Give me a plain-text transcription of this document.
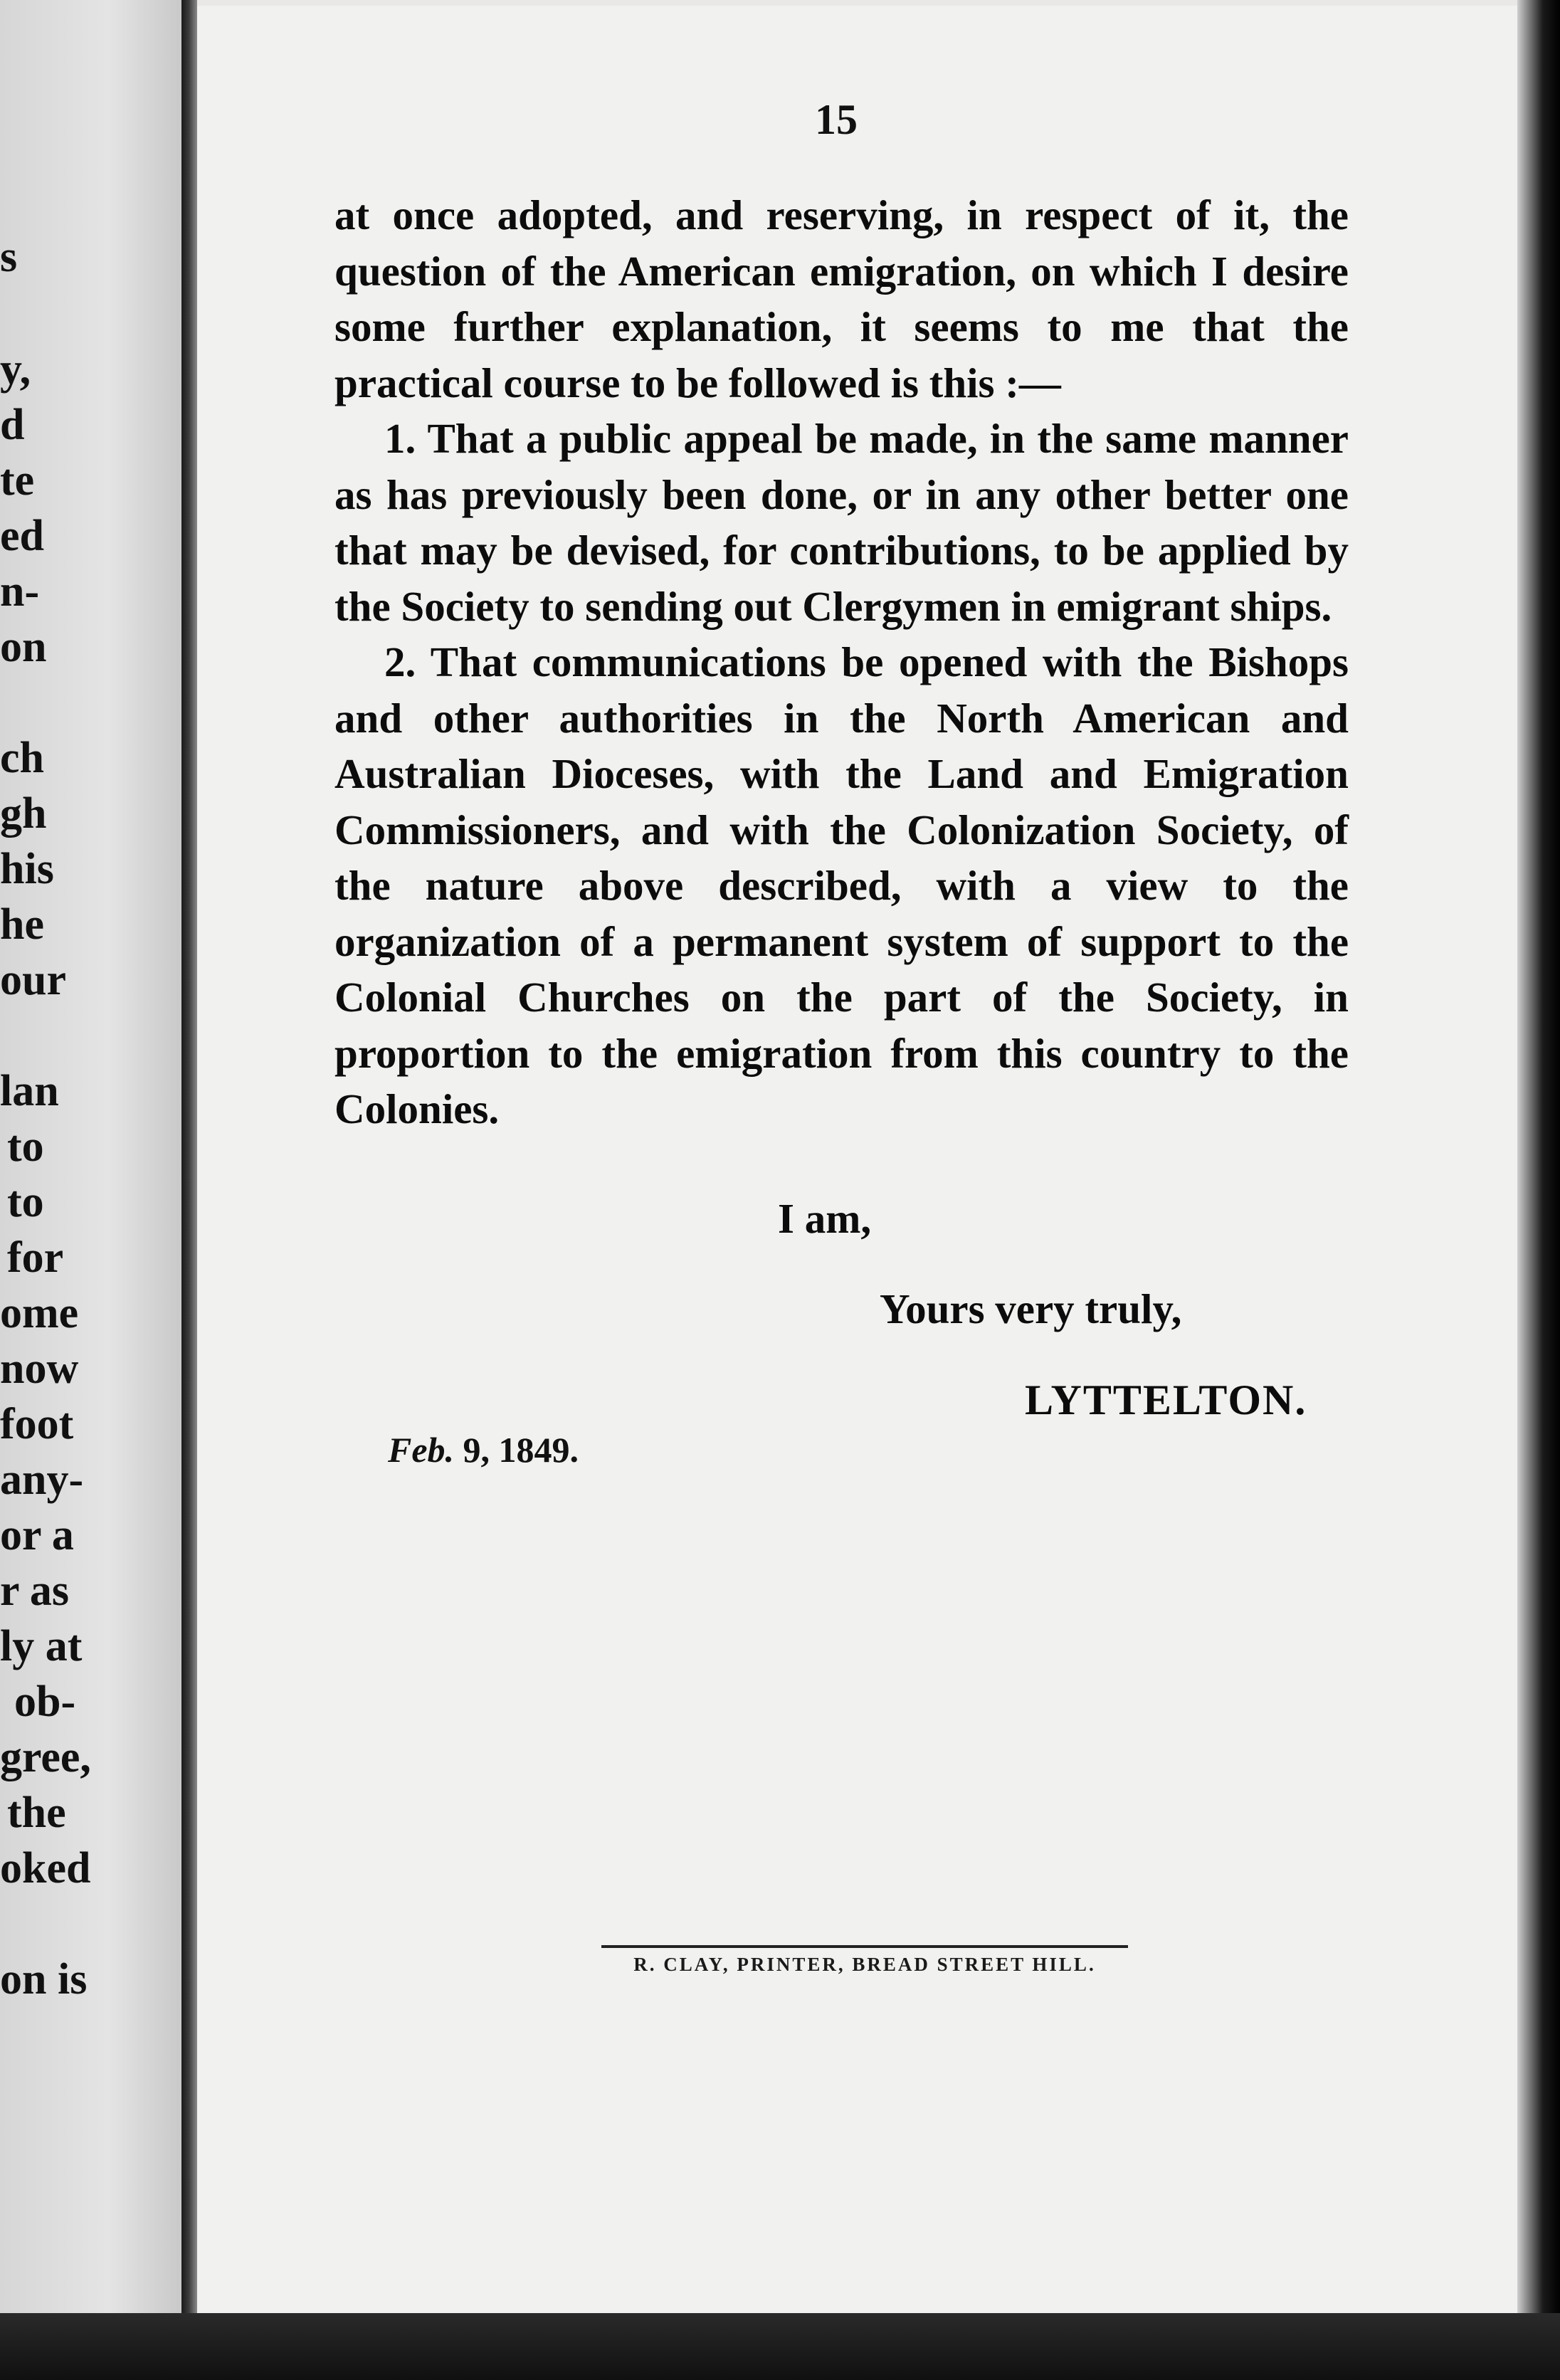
s
y,
d
te
ed
n-
on
ch
gh
his
he
our
lan
to
to
for
ome
now
foot
any-
or a
r as
ly at
ob-
gree,
the
oked
on is
15

at once adopted, and reserving, in respect of it, the question of the American emigration, on which I desire some further explanation, it seems to me that the practical course to be followed is this :—

1. That a public appeal be made, in the same manner as has previously been done, or in any other better one that may be devised, for contributions, to be applied by the Society to sending out Clergymen in emigrant ships.

2. That communications be opened with the Bishops and other authorities in the North American and Australian Dioceses, with the Land and Emigration Commissioners, and with the Colonization Society, of the nature above described, with a view to the organization of a permanent system of support to the Colonial Churches on the part of the Society, in proportion to the emigration from this country to the Colonies.

I am,
Yours very truly,
LYTTELTON.
Feb. 9, 1849.
R. CLAY, PRINTER, BREAD STREET HILL.
